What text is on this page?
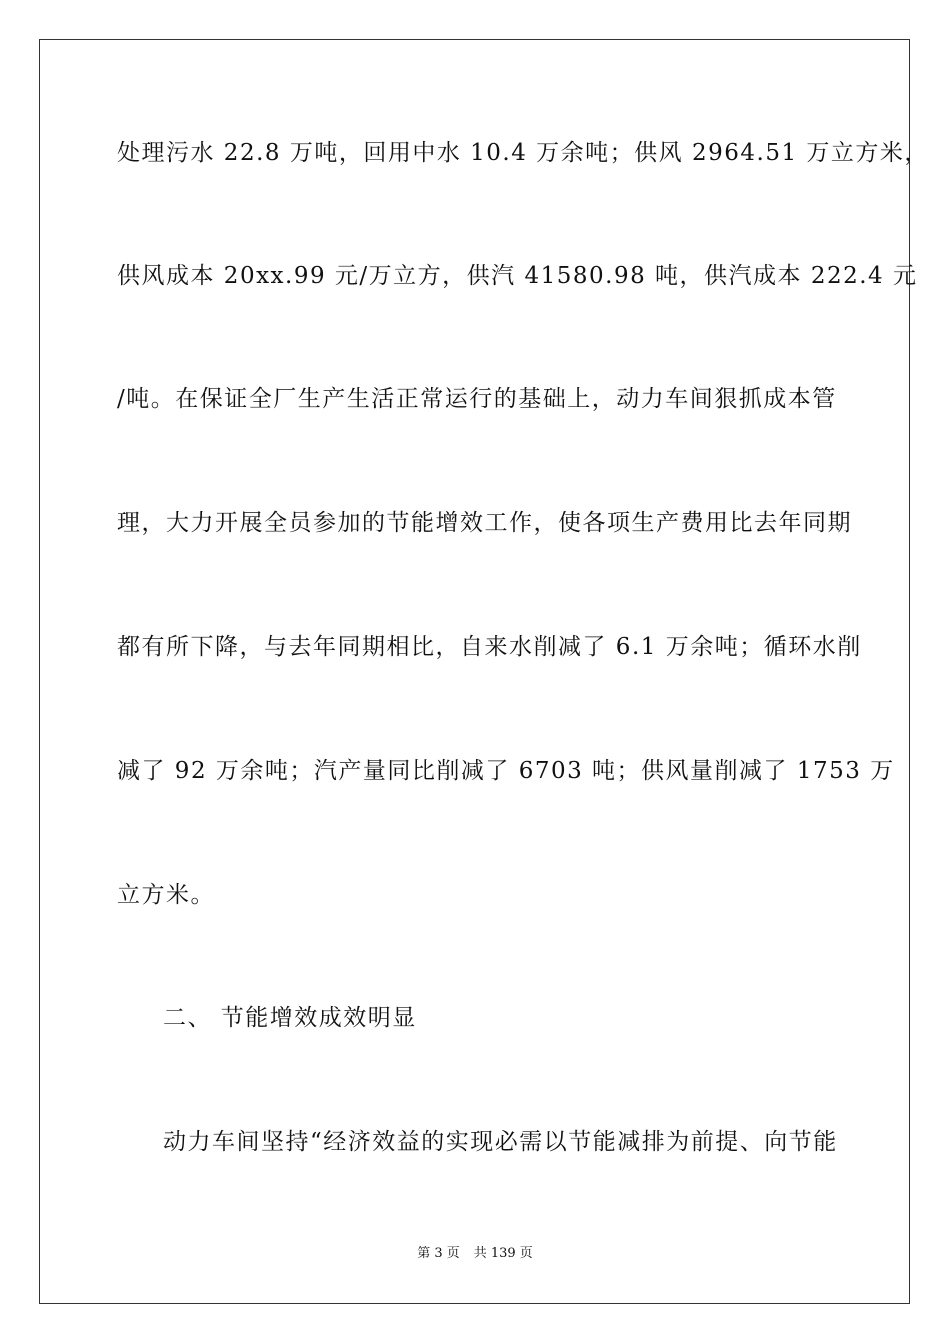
处理污水 22.8 万吨，回用中水 10.4 万余吨；供风 2964.51 万立方米，
供风成本 20xx.99 元/万立方，供汽 41580.98 吨，供汽成本 222.4 元
/吨。在保证全厂生产生活正常运行的基础上，动力车间狠抓成本管
理，大力开展全员参加的节能增效工作，使各项生产费用比去年同期
都有所下降，与去年同期相比，自来水削减了 6.1 万余吨；循环水削
减了 92 万余吨；汽产量同比削减了 6703 吨；供风量削减了 1753 万
立方米。
二、 节能增效成效明显
动力车间坚持“经济效益的实现必需以节能减排为前提、向节能
第 3 页 共 139 页
